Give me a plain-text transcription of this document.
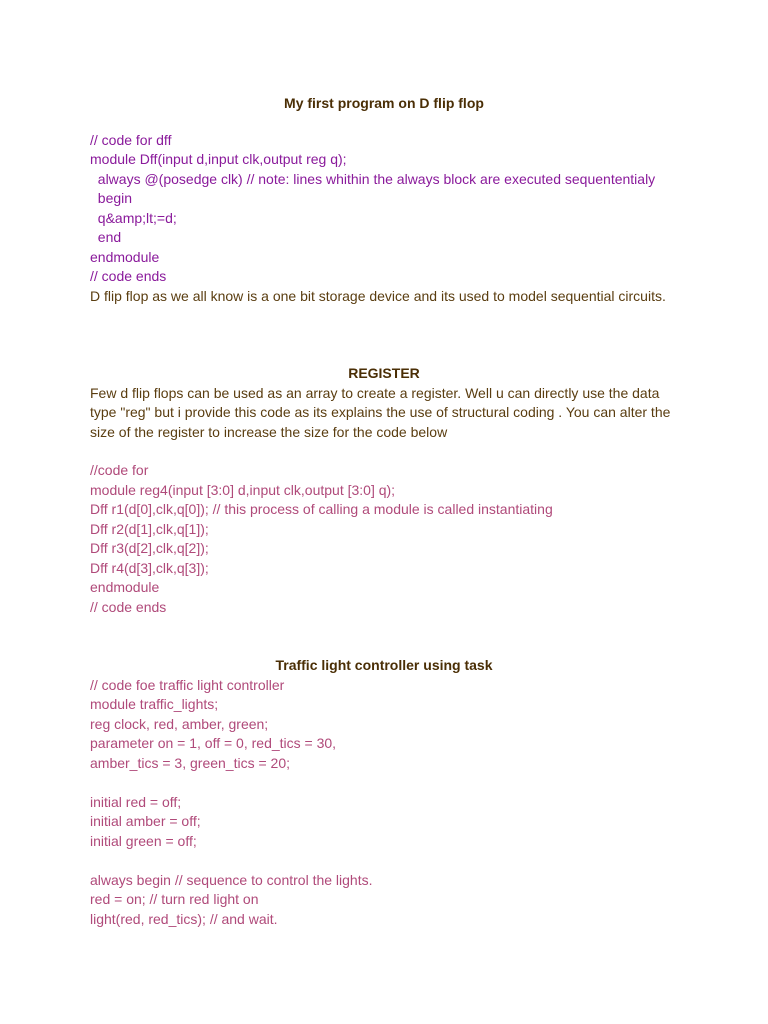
My first program on D flip flop

// code for dff

module Dff(input d,input clk,output reg q);

always @(posedge clk) // note: lines whithin the always block are executed sequententialy

begin

q&amp;lt;=d;

end

endmodule

// code ends

D flip flop as we all know is a one bit storage device and its used to model sequential circuits.

REGISTER

Few d flip flops can be used as an array to create a register. Well u can directly use the data

type "reg" but i provide this code as its explains the use of structural coding . You can alter the

size of the register to increase the size for the code below

//code for

module reg4(input [3:0] d,input clk,output [3:0] q);

Dff r1(d[0],clk,q[0]); // this process of calling a module is called instantiating

Dff r2(d[1],clk,q[1]);

Dff r3(d[2],clk,q[2]);

Dff r4(d[3],clk,q[3]);

endmodule

// code ends

Traffic light controller using task

// code foe traffic light controller

module traffic_lights;

reg clock, red, amber, green;

parameter on = 1, off = 0, red_tics = 30,

amber_tics = 3, green_tics = 20;

initial red = off;

initial amber = off;

initial green = off;

always begin // sequence to control the lights.

red = on; // turn red light on

light(red, red_tics); // and wait.
